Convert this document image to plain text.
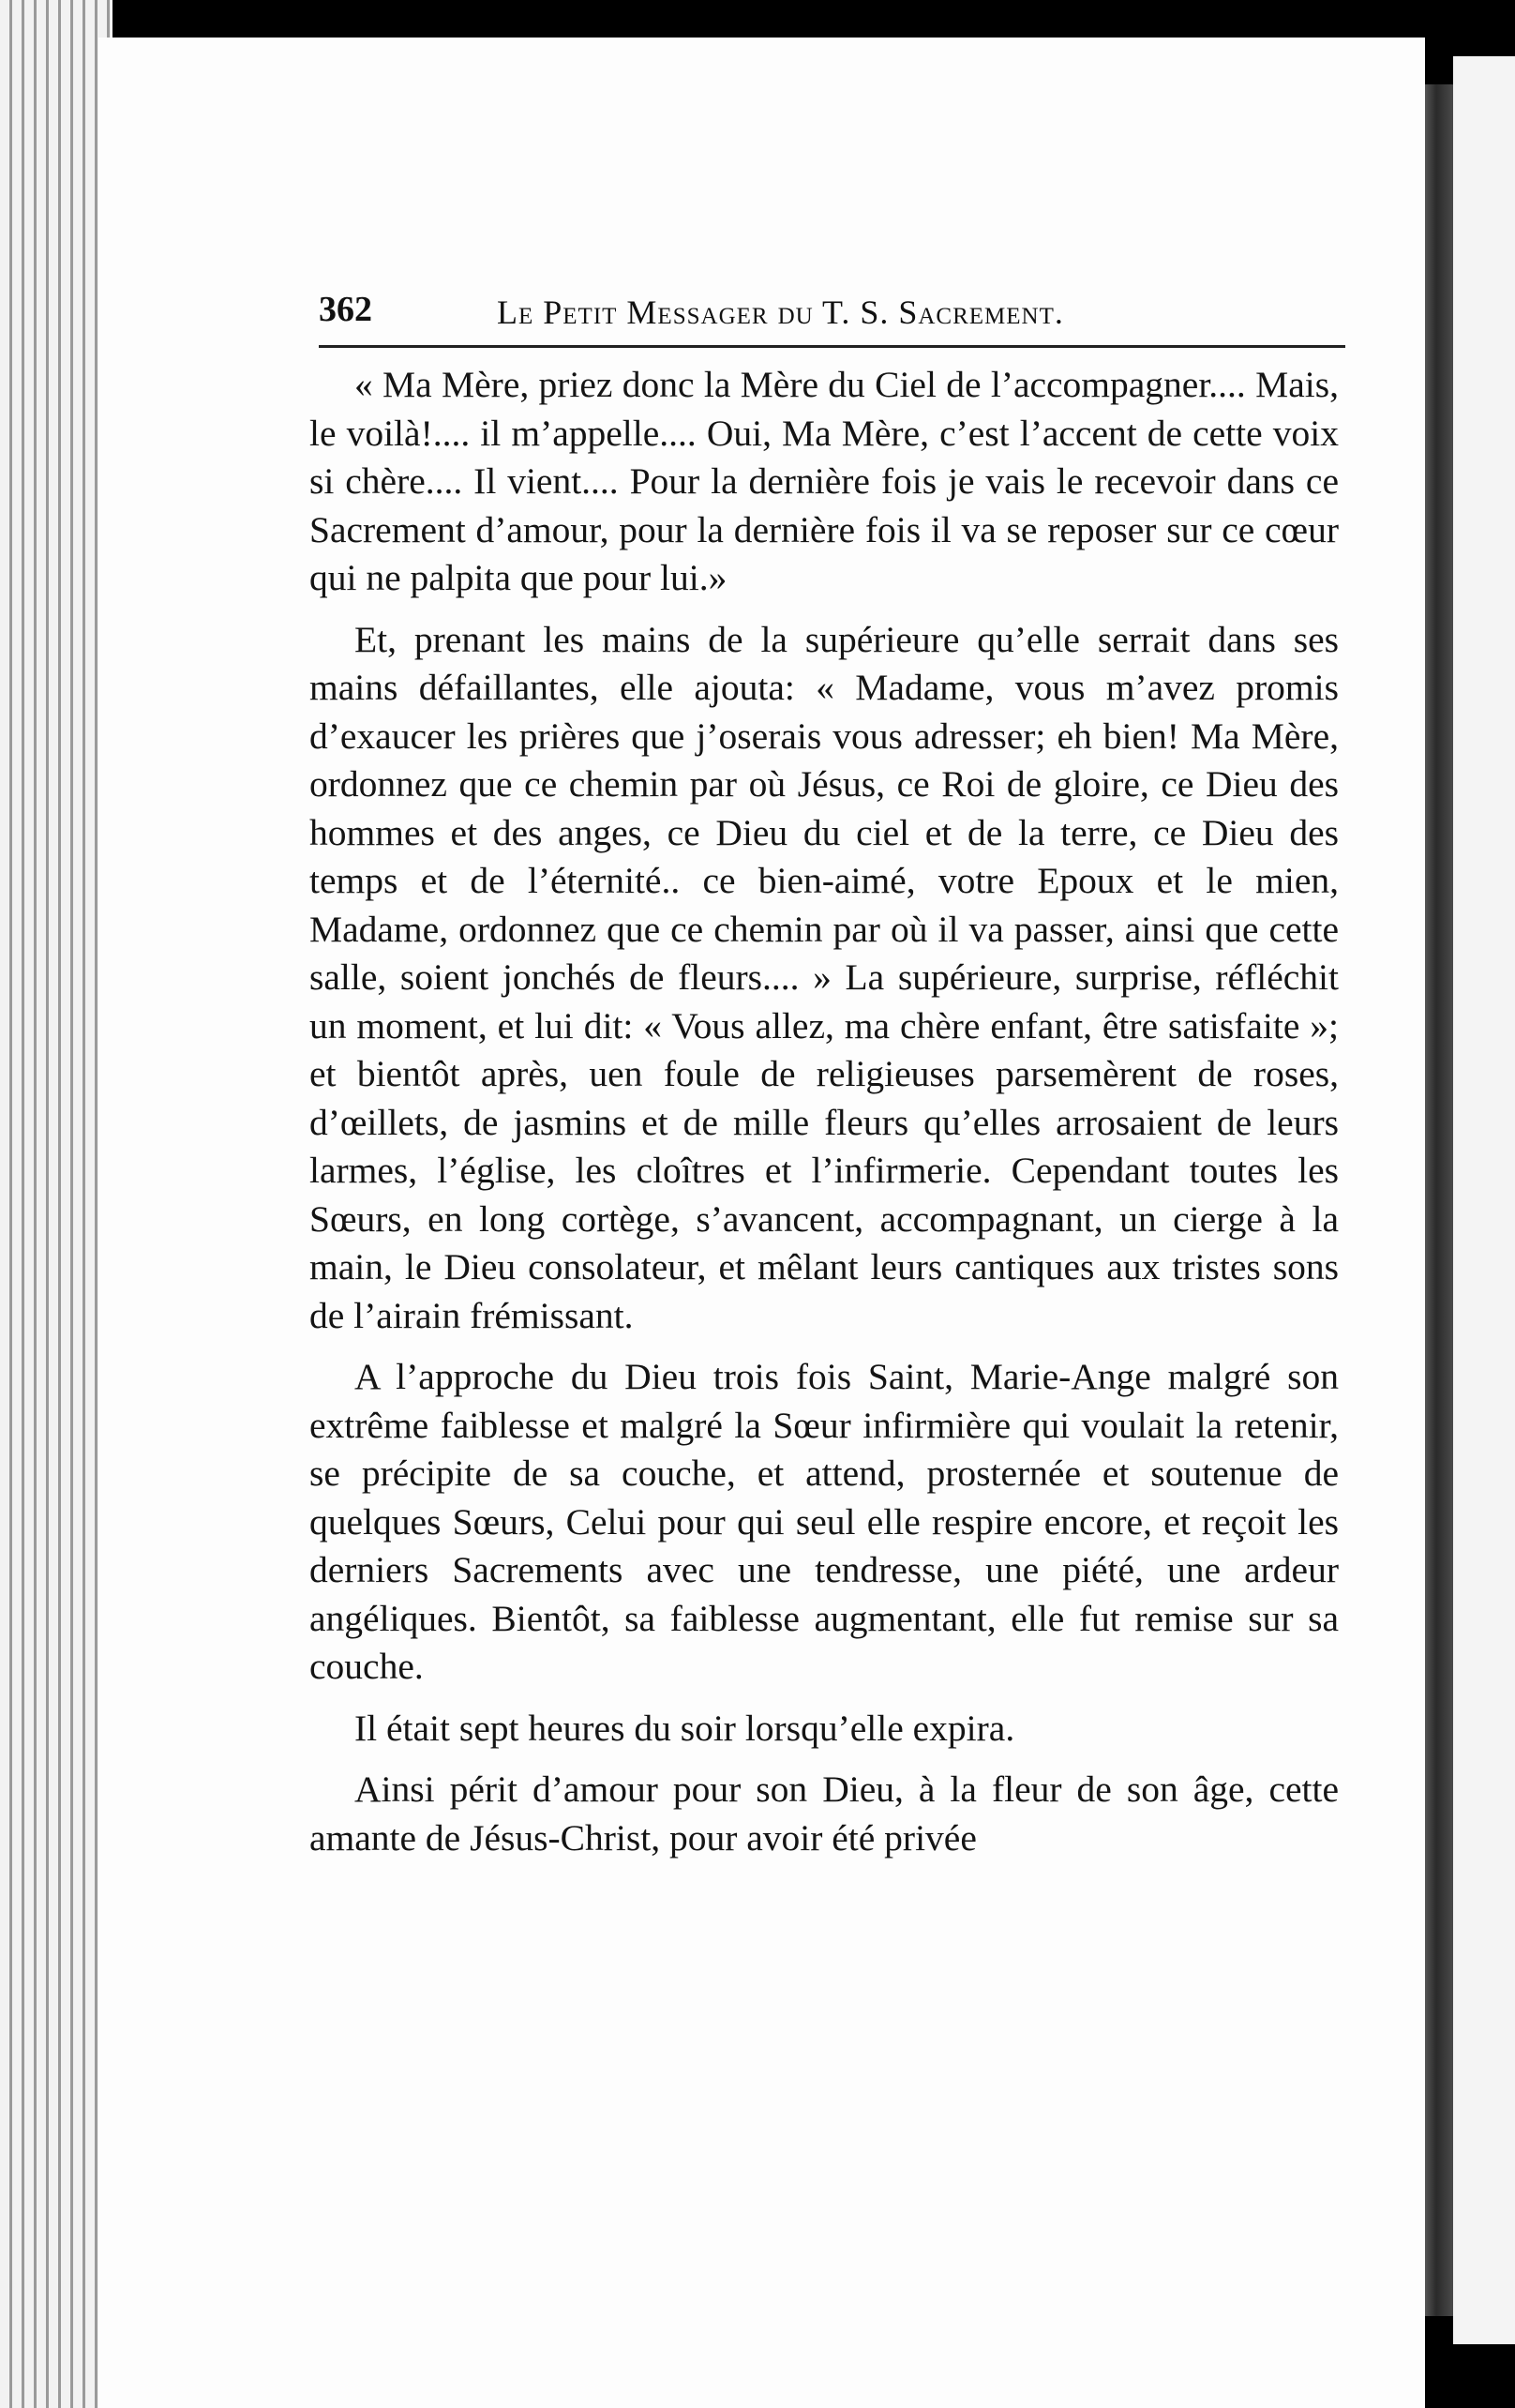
362	Le Petit Messager du T. S. Sacrement.

« Ma Mère, priez donc la Mère du Ciel de l’accompagner.... Mais, le voilà!.... il m’appelle.... Oui, Ma Mère, c’est l’accent de cette voix si chère.... Il vient.... Pour la dernière fois je vais le recevoir dans ce Sacrement d’amour, pour la dernière fois il va se reposer sur ce cœur qui ne palpita que pour lui.»

Et, prenant les mains de la supérieure qu’elle serrait dans ses mains défaillantes, elle ajouta: « Madame, vous m’avez promis d’exaucer les prières que j’oserais vous adresser; eh bien! Ma Mère, ordonnez que ce chemin par où Jésus, ce Roi de gloire, ce Dieu des hommes et des anges, ce Dieu du ciel et de la terre, ce Dieu des temps et de l’éternité.. ce bien-aimé, votre Epoux et le mien, Madame, ordonnez que ce chemin par où il va passer, ainsi que cette salle, soient jonchés de fleurs.... » La supérieure, surprise, réfléchit un moment, et lui dit: « Vous allez, ma chère enfant, être satisfaite »; et bientôt après, uen foule de religieuses parsemèrent de roses, d’œillets, de jasmins et de mille fleurs qu’elles arrosaient de leurs larmes, l’église, les cloîtres et l’infirmerie. Cependant toutes les Sœurs, en long cortège, s’avancent, accompagnant, un cierge à la main, le Dieu consolateur, et mêlant leurs cantiques aux tristes sons de l’airain frémissant.

A l’approche du Dieu trois fois Saint, Marie-Ange malgré son extrême faiblesse et malgré la Sœur infirmière qui voulait la retenir, se précipite de sa couche, et attend, prosternée et soutenue de quelques Sœurs, Celui pour qui seul elle respire encore, et reçoit les derniers Sacrements avec une tendresse, une piété, une ardeur angéliques. Bientôt, sa faiblesse augmentant, elle fut remise sur sa couche.

Il était sept heures du soir lorsqu’elle expira.

Ainsi périt d’amour pour son Dieu, à la fleur de son âge, cette amante de Jésus-Christ, pour avoir été privée
